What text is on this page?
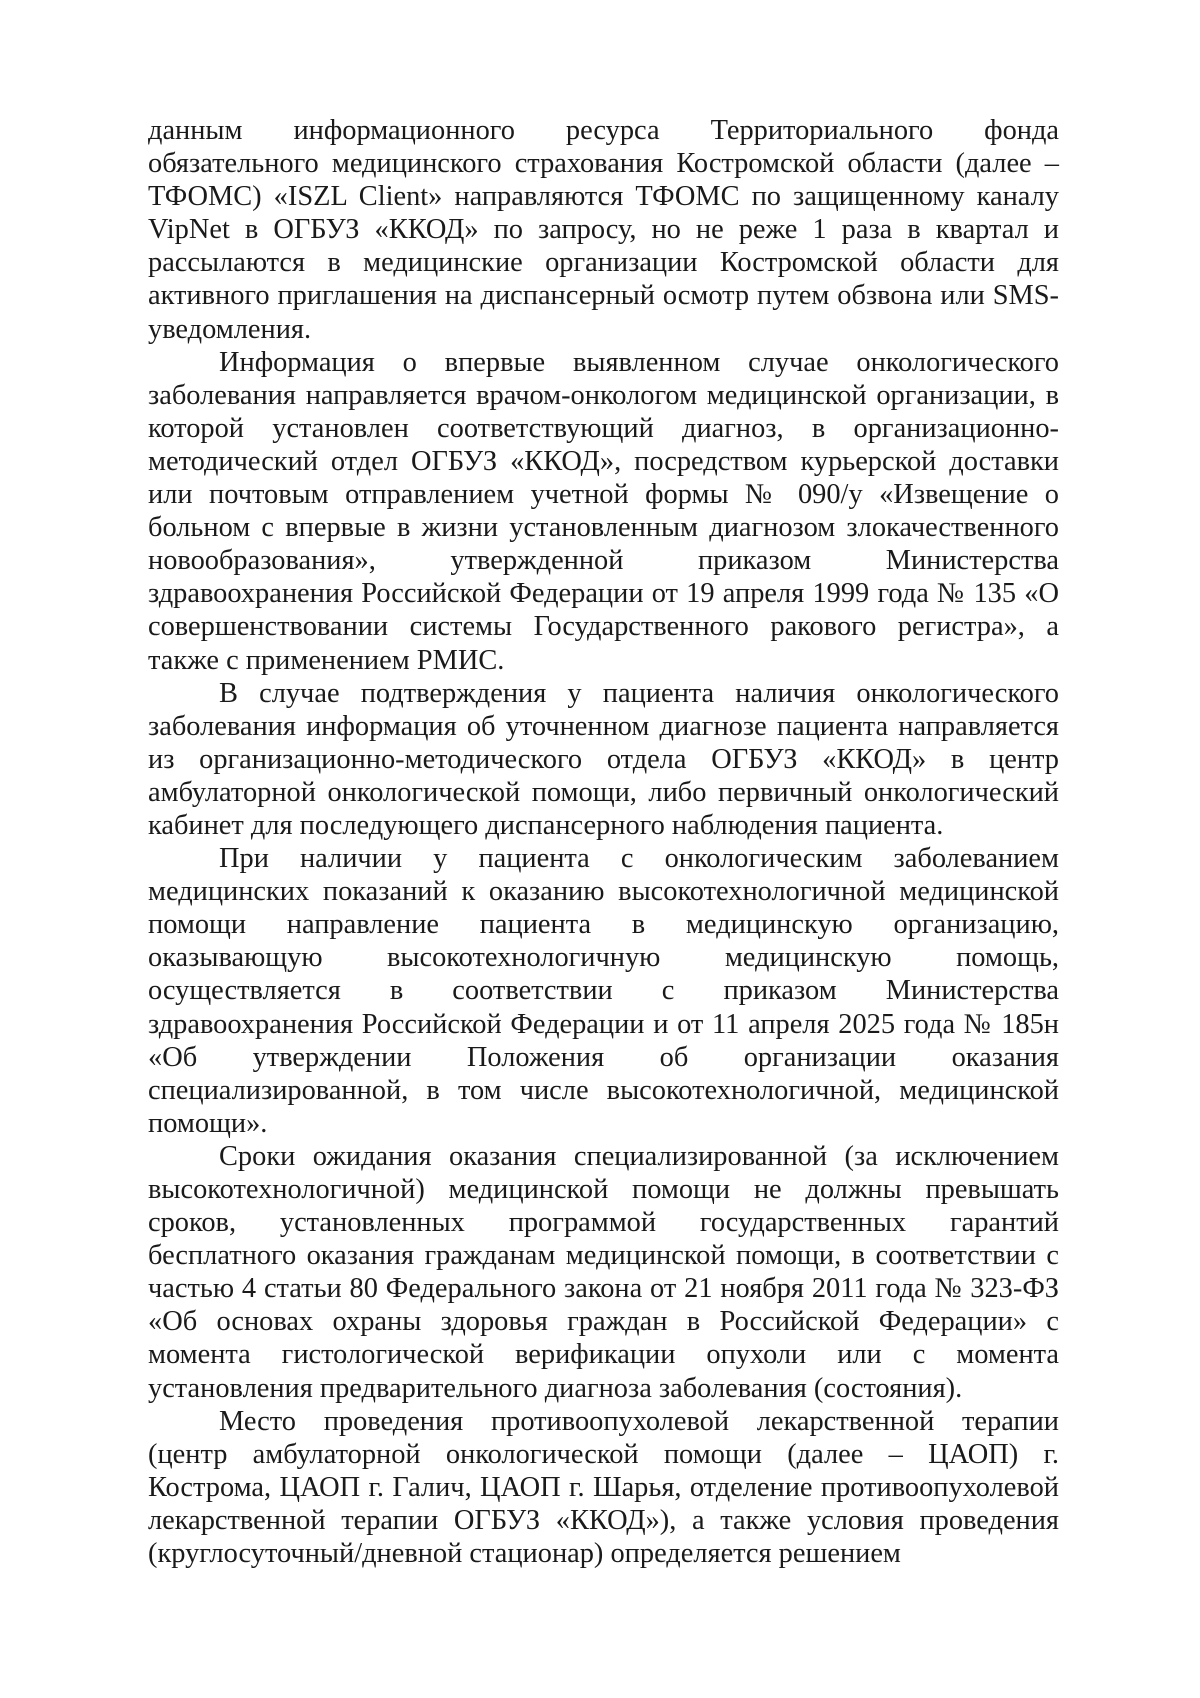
данным информационного ресурса Территориального фонда обязательного медицинского страхования Костромской области (далее – ТФОМС) «ISZL Client» направляются ТФОМС по защищенному каналу VipNet в ОГБУЗ «ККОД» по запросу, но не реже 1 раза в квартал и рассылаются в медицинские организации Костромской области для активного приглашения на диспансерный осмотр путем обзвона или SMS-уведомления.

Информация о впервые выявленном случае онкологического заболевания направляется врачом-онкологом медицинской организации, в которой установлен соответствующий диагноз, в организационно-методический отдел ОГБУЗ «ККОД», посредством курьерской доставки или почтовым отправлением учетной формы № 090/у «Извещение о больном с впервые в жизни установленным диагнозом злокачественного новообразования», утвержденной приказом Министерства здравоохранения Российской Федерации от 19 апреля 1999 года № 135 «О совершенствовании системы Государственного ракового регистра», а также с применением РМИС.

В случае подтверждения у пациента наличия онкологического заболевания информация об уточненном диагнозе пациента направляется из организационно-методического отдела ОГБУЗ «ККОД» в центр амбулаторной онкологической помощи, либо первичный онкологический кабинет для последующего диспансерного наблюдения пациента.

При наличии у пациента с онкологическим заболеванием медицинских показаний к оказанию высокотехнологичной медицинской помощи направление пациента в медицинскую организацию, оказывающую высокотехнологичную медицинскую помощь, осуществляется в соответствии с приказом Министерства здравоохранения Российской Федерации и от 11 апреля 2025 года № 185н «Об утверждении Положения об организации оказания специализированной, в том числе высокотехнологичной, медицинской помощи».

Сроки ожидания оказания специализированной (за исключением высокотехнологичной) медицинской помощи не должны превышать сроков, установленных программой государственных гарантий бесплатного оказания гражданам медицинской помощи, в соответствии с частью 4 статьи 80 Федерального закона от 21 ноября 2011 года № 323-ФЗ «Об основах охраны здоровья граждан в Российской Федерации» с момента гистологической верификации опухоли или с момента установления предварительного диагноза заболевания (состояния).

Место проведения противоопухолевой лекарственной терапии (центр амбулаторной онкологической помощи (далее – ЦАОП) г. Кострома, ЦАОП г. Галич, ЦАОП г. Шарья, отделение противоопухолевой лекарственной терапии ОГБУЗ «ККОД»), а также условия проведения (круглосуточный/дневной стационар) определяется решением
